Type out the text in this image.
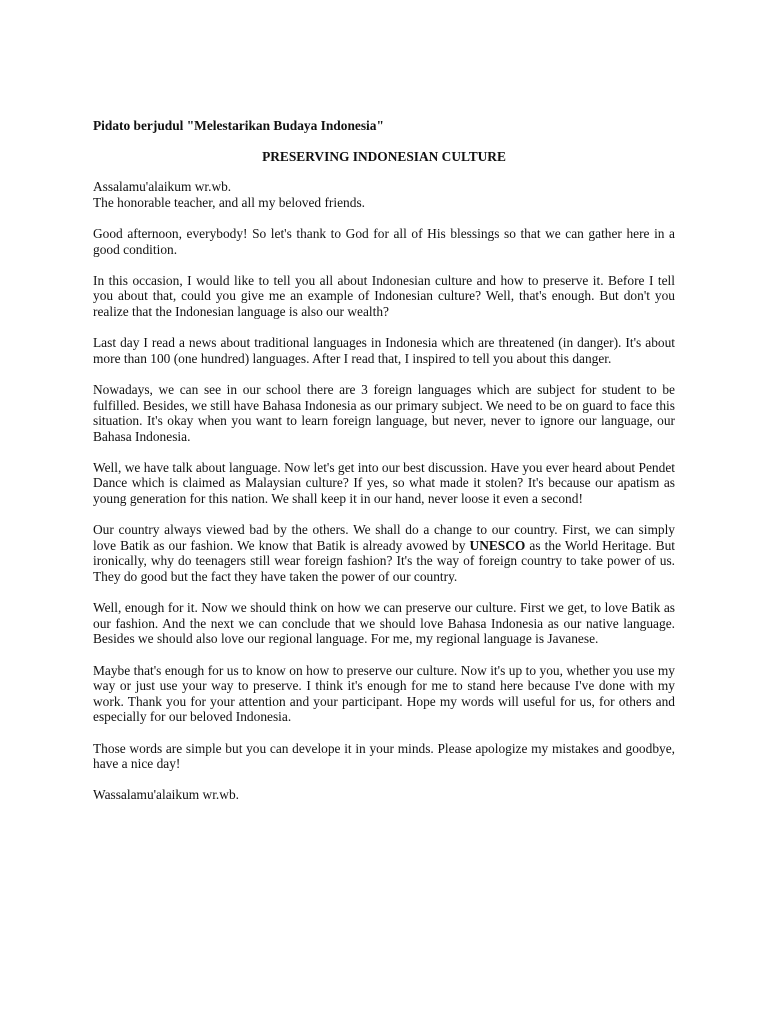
Pidato berjudul "Melestarikan Budaya Indonesia"
PRESERVING INDONESIAN CULTURE
Assalamu'alaikum wr.wb.
The honorable teacher, and all my beloved friends.

Good afternoon, everybody! So let's thank to God for all of His blessings so that we can gather here in a good condition.

In this occasion, I would like to tell you all about Indonesian culture and how to preserve it. Before I tell you about that, could you give me an example of Indonesian culture? Well, that's enough. But don't you realize that the Indonesian language is also our wealth?

Last day I read a news about traditional languages in Indonesia which are threatened (in danger). It's about more than 100 (one hundred) languages. After I read that, I inspired to tell you about this danger.

Nowadays, we can see in our school there are 3 foreign languages which are subject for student to be fulfilled. Besides, we still have Bahasa Indonesia as our primary subject. We need to be on guard to face this situation. It's okay when you want to learn foreign language, but never, never to ignore our language, our Bahasa Indonesia.

Well, we have talk about language. Now let's get into our best discussion. Have you ever heard about Pendet Dance which is claimed as Malaysian culture? If yes, so what made it stolen? It's because our apatism as young generation for this nation. We shall keep it in our hand, never loose it even a second!

Our country always viewed bad by the others. We shall do a change to our country. First, we can simply love Batik as our fashion. We know that Batik is already avowed by UNESCO as the World Heritage. But ironically, why do teenagers still wear foreign fashion? It's the way of foreign country to take power of us. They do good but the fact they have taken the power of our country.

Well, enough for it. Now we should think on how we can preserve our culture. First we get, to love Batik as our fashion. And the next we can conclude that we should love Bahasa Indonesia as our native language. Besides we should also love our regional language. For me, my regional language is Javanese.

Maybe that's enough for us to know on how to preserve our culture. Now it's up to you, whether you use my way or just use your way to preserve. I think it's enough for me to stand here because I've done with my work. Thank you for your attention and your participant. Hope my words will useful for us, for others and especially for our beloved Indonesia.

Those words are simple but you can develope it in your minds. Please apologize my mistakes and goodbye, have a nice day!

Wassalamu'alaikum wr.wb.
